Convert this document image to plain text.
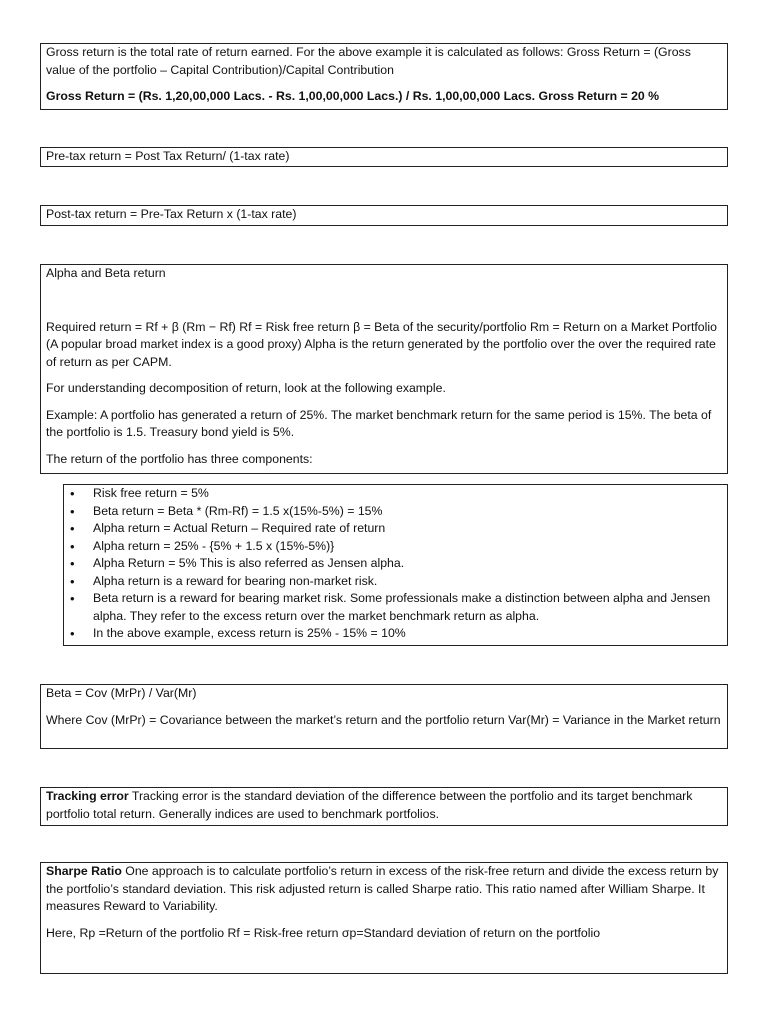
Gross return is the total rate of return earned. For the above example it is calculated as follows: Gross Return = (Gross value of the portfolio – Capital Contribution)/Capital Contribution

Gross Return = (Rs. 1,20,00,000 Lacs. - Rs. 1,00,00,000 Lacs.) / Rs. 1,00,00,000 Lacs. Gross Return = 20 %

Pre-tax return = Post Tax Return/ (1-tax rate)

Post-tax return = Pre-Tax Return x (1-tax rate)

Alpha and Beta return

Required return = Rf + β (Rm − Rf) Rf = Risk free return β = Beta of the security/portfolio Rm = Return on a Market Portfolio (A popular broad market index is a good proxy) Alpha is the return generated by the portfolio over the over the required rate of return as per CAPM.

For understanding decomposition of return, look at the following example.

Example: A portfolio has generated a return of 25%. The market benchmark return for the same period is 15%. The beta of the portfolio is 1.5. Treasury bond yield is 5%.

The return of the portfolio has three components:

• Risk free return = 5%
• Beta return = Beta * (Rm-Rf) = 1.5 x(15%-5%) = 15%
• Alpha return = Actual Return – Required rate of return
• Alpha return = 25% - {5% + 1.5 x (15%-5%)}
• Alpha Return = 5% This is also referred as Jensen alpha.
• Alpha return is a reward for bearing non-market risk.
• Beta return is a reward for bearing market risk. Some professionals make a distinction between alpha and Jensen alpha. They refer to the excess return over the market benchmark return as alpha.
• In the above example, excess return is 25% - 15% = 10%

Beta = Cov (MrPr) / Var(Mr)

Where Cov (MrPr) = Covariance between the market’s return and the portfolio return Var(Mr) = Variance in the Market return

Tracking error Tracking error is the standard deviation of the difference between the portfolio and its target benchmark portfolio total return. Generally indices are used to benchmark portfolios.

Sharpe Ratio One approach is to calculate portfolio’s return in excess of the risk-free return and divide the excess return by the portfolio’s standard deviation. This risk adjusted return is called Sharpe ratio. This ratio named after William Sharpe. It measures Reward to Variability.

Here, Rp =Return of the portfolio Rf = Risk-free return σp=Standard deviation of return on the portfolio
